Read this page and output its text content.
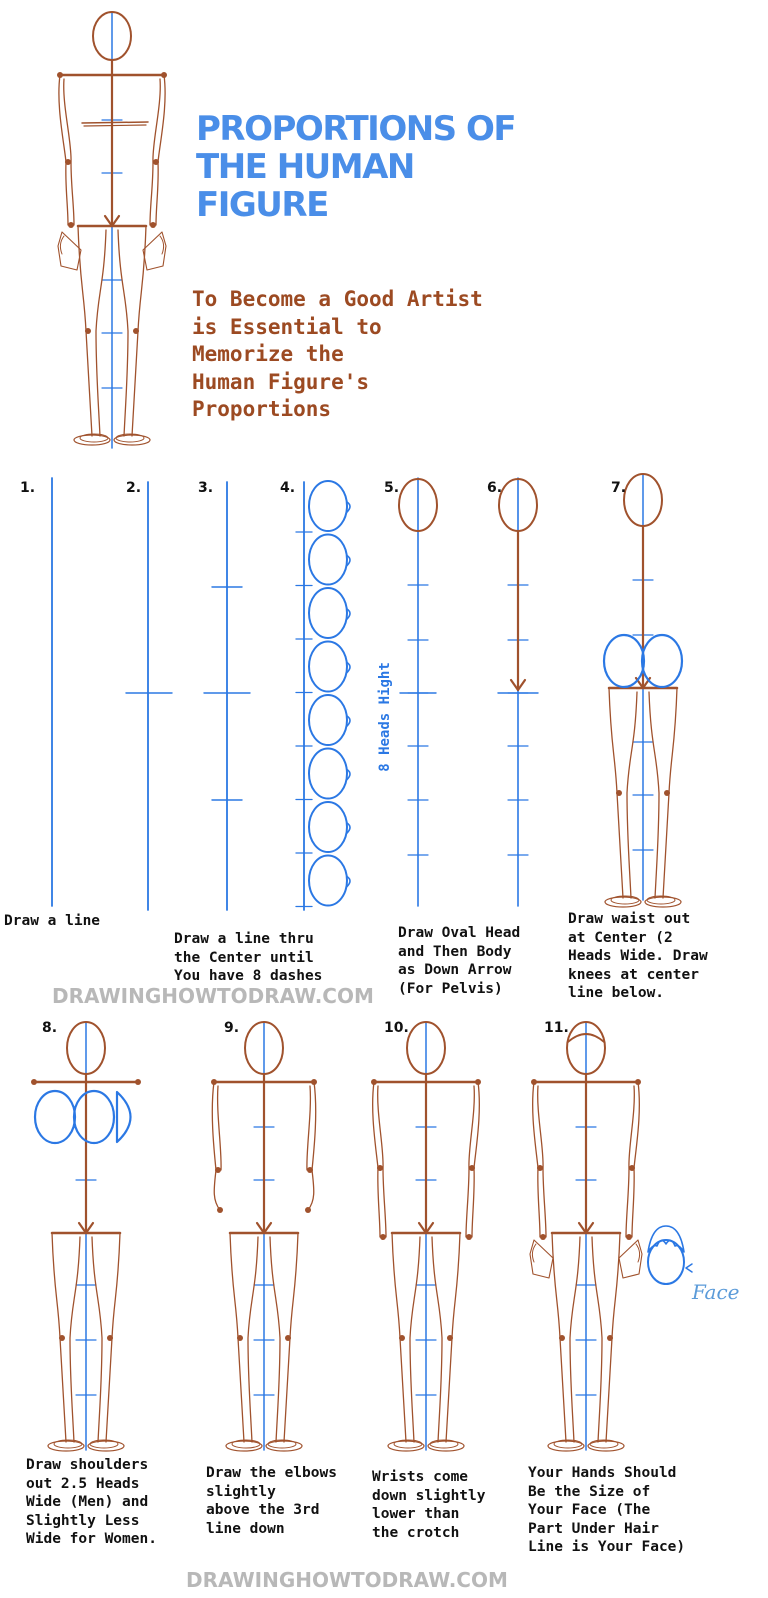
PROPORTIONS OF THE HUMAN FIGURE
To Become a Good Artist
is Essential to
Memorize the
Human Figure's
Proportions
8 Heads Hight
Face
1.	2.	3.	4.	5.	6.	7.
8.	9.	10.	11.
Draw a line
Draw a line thru
the Center until
You have 8 dashes
Draw Oval Head
and Then Body
as Down Arrow
(For Pelvis)
Draw waist out
at Center (2
Heads Wide. Draw
knees at center
line below.
Draw shoulders
out 2.5 Heads
Wide (Men) and
Slightly Less
Wide for Women.
Draw the elbows
slightly
above the 3rd
line down
Wrists come
down slightly
lower than
the crotch
Your Hands Should
Be the Size of
Your Face (The
Part Under Hair
Line is Your Face)
DRAWINGHOWTODRAW.COM
DRAWINGHOWTODRAW.COM
